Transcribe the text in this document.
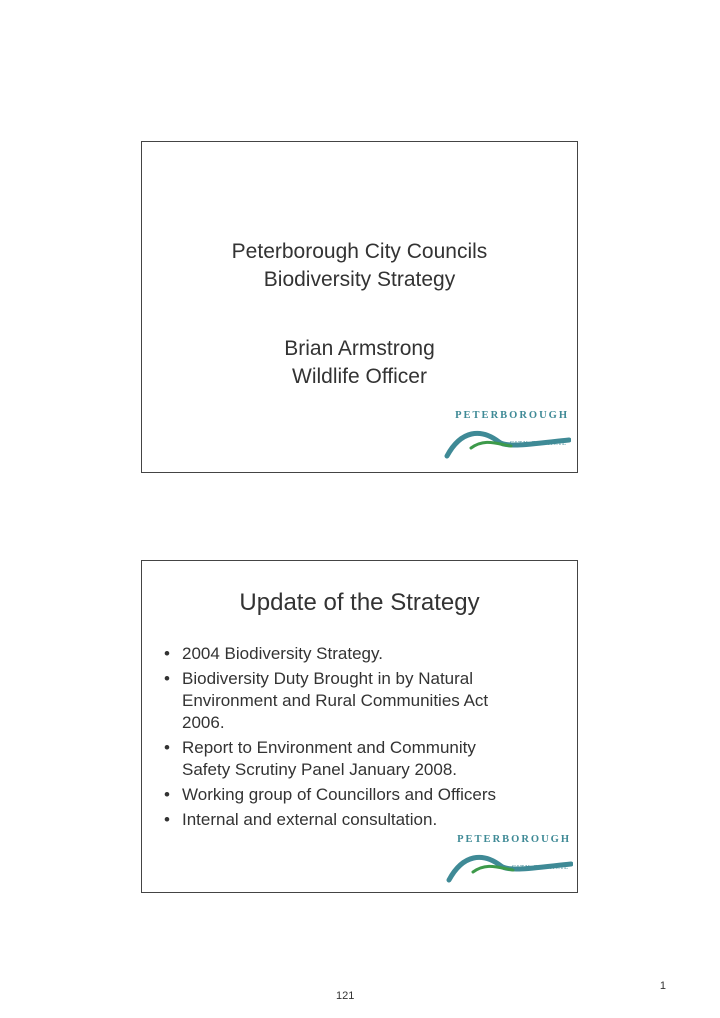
Peterborough City Councils
Biodiversity Strategy
Brian Armstrong
Wildlife Officer
PETERBOROUGH
CITY COUNCIL
Update of the Strategy
• 2004 Biodiversity Strategy.
• Biodiversity Duty Brought in by Natural
Environment and Rural Communities Act
2006.
• Report to Environment and Community
Safety Scrutiny Panel January 2008.
• Working group of Councillors and Officers
• Internal and external consultation.
PETERBOROUGH
CITY COUNCIL
1
121
